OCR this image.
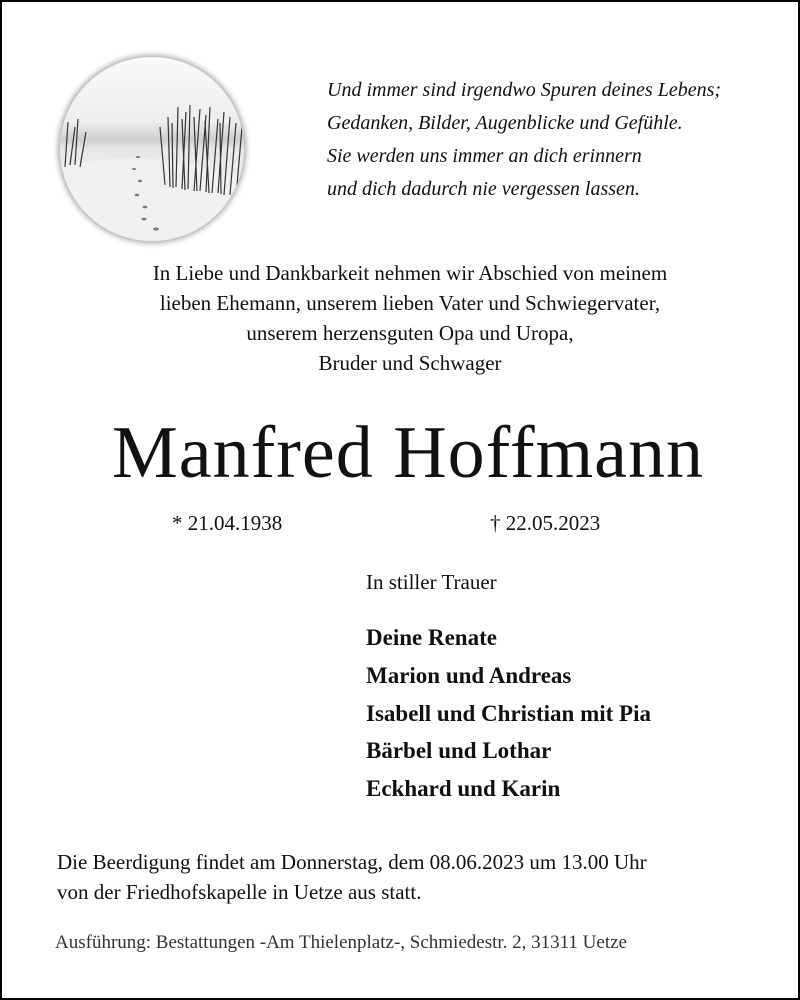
Und immer sind irgendwo Spuren deines Lebens;
Gedanken, Bilder, Augenblicke und Gefühle.
Sie werden uns immer an dich erinnern
und dich dadurch nie vergessen lassen.
In Liebe und Dankbarkeit nehmen wir Abschied von meinem
lieben Ehemann, unserem lieben Vater und Schwiegervater,
unserem herzensguten Opa und Uropa,
Bruder und Schwager
Manfred Hoffmann
* 21.04.1938	† 22.05.2023
In stiller Trauer
Deine Renate
Marion und Andreas
Isabell und Christian mit Pia
Bärbel und Lothar
Eckhard und Karin
Die Beerdigung findet am Donnerstag, dem 08.06.2023 um 13.00 Uhr
von der Friedhofskapelle in Uetze aus statt.
Ausführung: Bestattungen -Am Thielenplatz-, Schmiedestr. 2, 31311 Uetze
